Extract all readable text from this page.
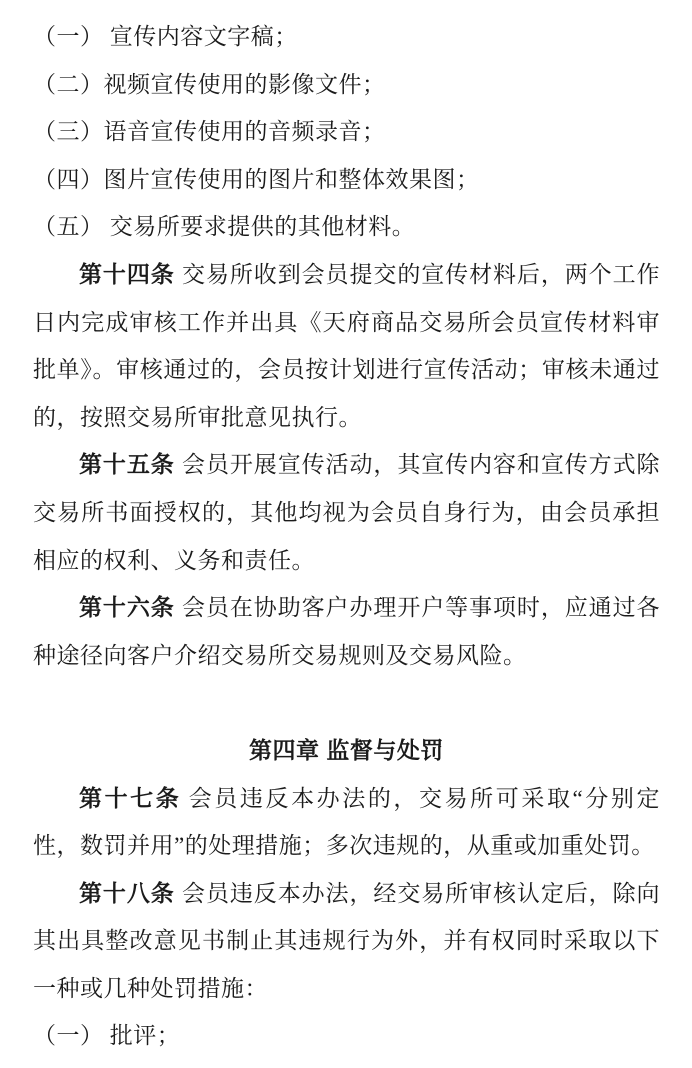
（一） 宣传内容文字稿；

（二）视频宣传使用的影像文件；

（三）语音宣传使用的音频录音；

（四）图片宣传使用的图片和整体效果图；

（五） 交易所要求提供的其他材料。

第十四条 交易所收到会员提交的宣传材料后，两个工作日内完成审核工作并出具《天府商品交易所会员宣传材料审批单》。审核通过的，会员按计划进行宣传活动；审核未通过的，按照交易所审批意见执行。

第十五条 会员开展宣传活动，其宣传内容和宣传方式除交易所书面授权的，其他均视为会员自身行为，由会员承担相应的权利、义务和责任。

第十六条 会员在协助客户办理开户等事项时，应通过各种途径向客户介绍交易所交易规则及交易风险。

第四章 监督与处罚

第十七条 会员违反本办法的，交易所可采取“分别定性，数罚并用”的处理措施；多次违规的，从重或加重处罚。

第十八条 会员违反本办法，经交易所审核认定后，除向其出具整改意见书制止其违规行为外，并有权同时采取以下一种或几种处罚措施：

（一） 批评；
